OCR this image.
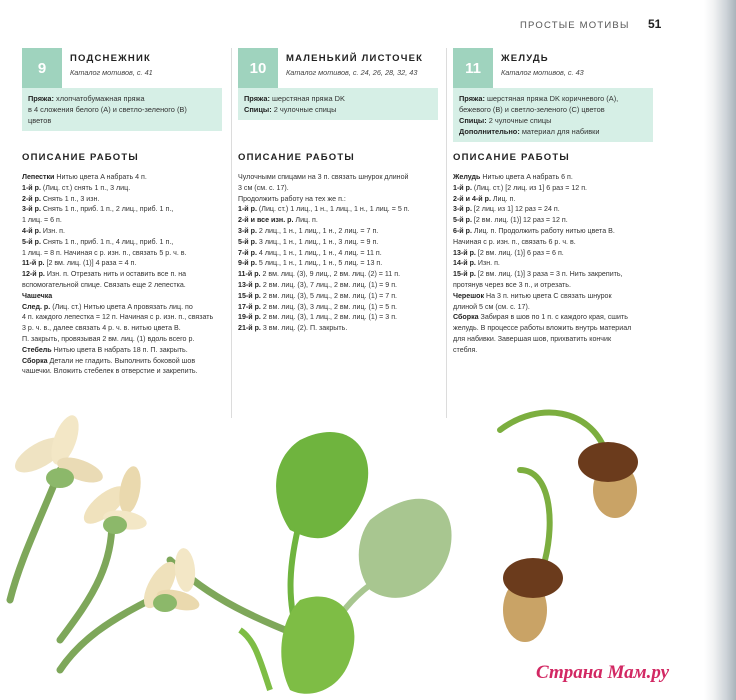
ПРОСТЫЕ МОТИВЫ	51
9
ПОДСНЕЖНИК
Каталог мотивов, с. 41
Пряжа: хлопчатобумажная пряжа
в 4 сложения белого (A) и светло-зеленого (B)
цветов
ОПИСАНИЕ РАБОТЫ
Лепестки Нитью цвета A набрать 4 п.
1-й р. (Лиц. ст.) снять 1 п., 3 лиц.
2-й р. Снять 1 п., 3 изн.
3-й р. Снять 1 п., приб. 1 п., 2 лиц., приб. 1 п.,
1 лиц. = 6 п.
4-й р. Изн. п.
5-й р. Снять 1 п., приб. 1 п., 4 лиц., приб. 1 п.,
1 лиц. = 8 п. Начиная с р. изн. п., связать 5 р. ч. в.
11-й р. [2 вм. лиц. (1)] 4 раза = 4 п.
12-й р. Изн. п. Отрезать нить и оставить все п. на
вспомогательной спице. Связать еще 2 лепестка.
Чашечка
След. р. (Лиц. ст.) Нитью цвета A провязать лиц. по
4 п. каждого лепестка = 12 п. Начиная с р. изн. п., связать
3 р. ч. в., далее связать 4 р. ч. в. нитью цвета B.
П. закрыть, провязывая 2 вм. лиц. (1) вдоль всего р.
Стебель Нитью цвета B набрать 18 п. П. закрыть.
Сборка Детали не гладить. Выполнить боковой шов
чашечки. Вложить стебелек в отверстие и закрепить.
10
МАЛЕНЬКИЙ ЛИСТОЧЕК
Каталог мотивов, с. 24, 26, 28, 32, 43
Пряжа: шерстяная пряжа DK
Спицы: 2 чулочные спицы
ОПИСАНИЕ РАБОТЫ
Чулочными спицами на 3 п. связать шнурок длиной
3 см (см. с. 17).
Продолжить работу на тех же п.:
1-й р. (Лиц. ст.) 1 лиц., 1 н., 1 лиц., 1 н., 1 лиц. = 5 п.
2-й и все изн. р. Лиц. п.
3-й р. 2 лиц., 1 н., 1 лиц., 1 н., 2 лиц. = 7 п.
5-й р. 3 лиц., 1 н., 1 лиц., 1 н., 3 лиц. = 9 п.
7-й р. 4 лиц., 1 н., 1 лиц., 1 н., 4 лиц. = 11 п.
9-й р. 5 лиц., 1 н., 1 лиц., 1 н., 5 лиц. = 13 п.
11-й р. 2 вм. лиц. (3), 9 лиц., 2 вм. лиц. (2) = 11 п.
13-й р. 2 вм. лиц. (3), 7 лиц., 2 вм. лиц. (1) = 9 п.
15-й р. 2 вм. лиц. (3), 5 лиц., 2 вм. лиц. (1) = 7 п.
17-й р. 2 вм. лиц. (3), 3 лиц., 2 вм. лиц. (1) = 5 п.
19-й р. 2 вм. лиц. (3), 1 лиц., 2 вм. лиц. (1) = 3 п.
21-й р. 3 вм. лиц. (2). П. закрыть.
11
ЖЕЛУДЬ
Каталог мотивов, с. 43
Пряжа: шерстяная пряжа DK коричневого (A),
бежевого (B) и светло-зеленого (C) цветов
Спицы: 2 чулочные спицы
Дополнительно: материал для набивки
ОПИСАНИЕ РАБОТЫ
Желудь Нитью цвета A набрать 6 п.
1-й р. (Лиц. ст.) [2 лиц. из 1] 6 раз = 12 п.
2-й и 4-й р. Лиц. п.
3-й р. [2 лиц. из 1] 12 раз = 24 п.
5-й р. [2 вм. лиц. (1)] 12 раз = 12 п.
6-й р. Лиц. п. Продолжить работу нитью цвета B.
Начиная с р. изн. п., связать 6 р. ч. в.
13-й р. [2 вм. лиц. (1)] 6 раз = 6 п.
14-й р. Изн. п.
15-й р. [2 вм. лиц. (1)] 3 раза = 3 п. Нить закрепить,
протянув через все 3 п., и отрезать.
Черешок На 3 п. нитью цвета C связать шнурок
длиной 5 см (см. с. 17).
Сборка Забирая в шов по 1 п. с каждого края, сшить
желудь. В процессе работы вложить внутрь материал
для набивки. Завершая шов, прихватить кончик
стебля.
Страна Мам.ру
